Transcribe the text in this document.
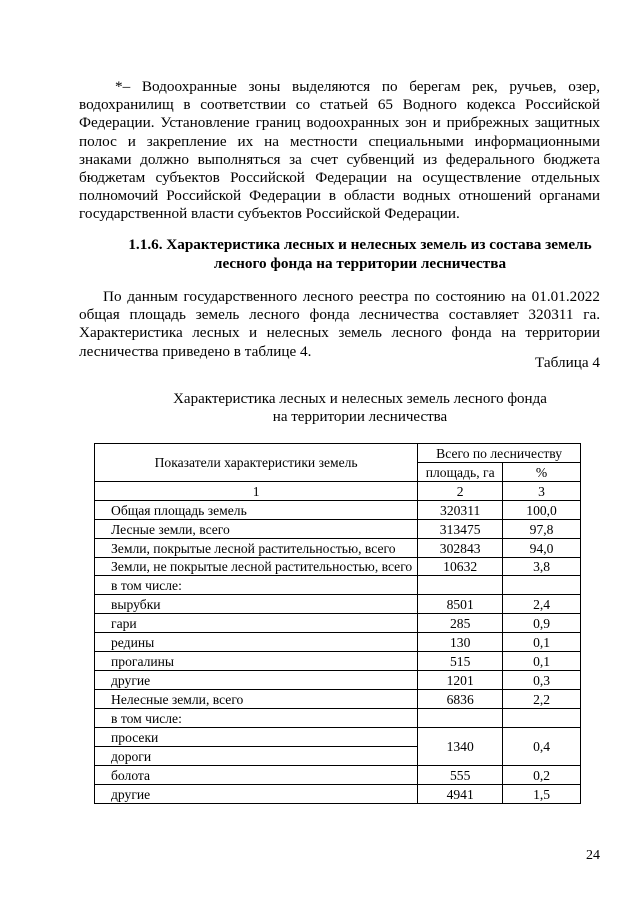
*– Водоохранные зоны выделяются по берегам рек, ручьев, озер, водохранилищ в соответствии со статьей 65 Водного кодекса Российской Федерации. Установление границ водоохранных зон и прибрежных защитных полос и закрепление их на местности специальными информационными знаками должно выполняться за счет субвенций из федерального бюджета бюджетам субъектов Российской Федерации на осуществление отдельных полномочий Российской Федерации в области водных отношений органами государственной власти субъектов Российской Федерации.

1.1.6. Характеристика лесных и нелесных земель из состава земель
лесного фонда на территории лесничества

По данным государственного лесного реестра по состоянию на 01.01.2022 общая площадь земель лесного фонда лесничества составляет 320311 га. Характеристика лесных и нелесных земель лесного фонда на территории лесничества приведено в таблице 4.

Таблица 4

Характеристика лесных и нелесных земель лесного фонда
на территории лесничества
Показатели характеристики земель	Всего по лесничеству	
	площадь, га	%
1	2	3
Общая площадь земель	320311	100,0
Лесные земли, всего	313475	97,8
Земли, покрытые лесной растительностью, всего	302843	94,0
Земли, не покрытые лесной растительностью, всего	10632	3,8
в том числе:		
вырубки	8501	2,4
гари	285	0,9
редины	130	0,1
прогалины	515	0,1
другие	1201	0,3
Нелесные земли, всего	6836	2,2
в том числе:		
просеки	1340	0,4
дороги		
болота	555	0,2
другие	4941	1,5

24
